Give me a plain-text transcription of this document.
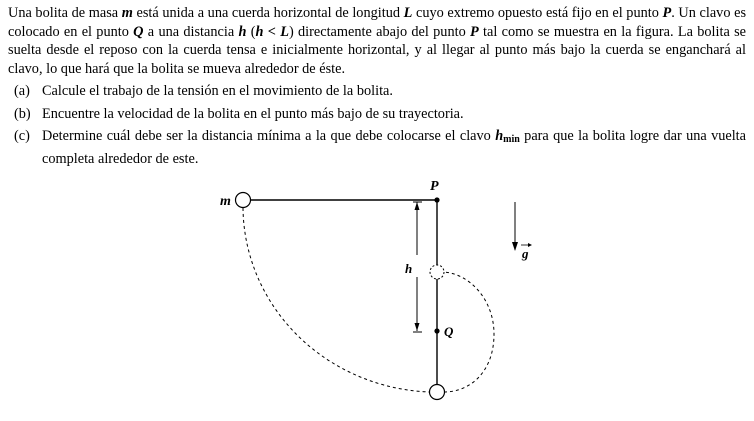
Una bolita de masa m está unida a una cuerda horizontal de longitud L cuyo extremo opuesto está fijo en el punto P. Un clavo es colocado en el punto Q a una distancia h (h < L) directamente abajo del punto P tal como se muestra en la figura. La bolita se suelta desde el reposo con la cuerda tensa e inicialmente horizontal, y al llegar al punto más bajo la cuerda se enganchará al clavo, lo que hará que la bolita se mueva alrededor de éste.
(a) Calcule el trabajo de la tensión en el movimiento de la bolita.
(b) Encuentre la velocidad de la bolita en el punto más bajo de su trayectoria.
(c) Determine cuál debe ser la distancia mínima a la que debe colocarse el clavo $h_{min}$ para que la bolita logre dar una vuelta completa alrededor de este.
m
P
h
Q
g
